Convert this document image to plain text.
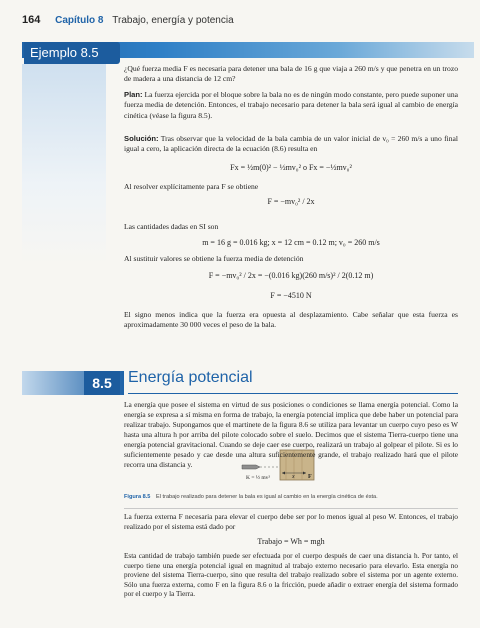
164 Capítulo 8 Trabajo, energía y potencia
Ejemplo 8.5
¿Qué fuerza media F es necesaria para detener una bala de 16 g que viaja a 260 m/s y que penetra en un trozo de madera a una distancia de 12 cm?
Plan: La fuerza ejercida por el bloque sobre la bala no es de ningún modo constante, pero puede suponer una fuerza media de detención. Entonces, el trabajo necesario para detener la bala será igual al cambio de energía cinética (véase la figura 8.5).
Solución: Tras observar que la velocidad de la bala cambia de un valor inicial de v₀ = 260 m/s a uno final igual a cero, la aplicación directa de la ecuación (8.6) resulta en
Fx = ½m(0)² − ½mv₀² o Fx = −½mv₀²
Al resolver explícitamente para F se obtiene
F = −mv₀² / 2x
Las cantidades dadas en SI son
m = 16 g = 0.016 kg; x = 12 cm = 0.12 m; v₀ = 260 m/s
Al sustituir valores se obtiene la fuerza media de detención
F = −mv₀² / 2x = −(0.016 kg)(260 m/s)² / 2(0.12 m)
F = −4510 N
El signo menos indica que la fuerza era opuesta al desplazamiento. Cabe señalar que esta fuerza es aproximadamente 30 000 veces el peso de la bala.
x
K = ½ mv²	F
Figura 8.5 El trabajo realizado para detener la bala es igual al cambio en la energía cinética de ésta.
8.5	Energía potencial
La energía que posee el sistema en virtud de sus posiciones o condiciones se llama energía potencial. Como la energía se expresa a sí misma en forma de trabajo, la energía potencial implica que debe haber un potencial para realizar trabajo. Supongamos que el martinete de la figura 8.6 se utiliza para levantar un cuerpo cuyo peso es W hasta una altura h por arriba del pilote colocado sobre el suelo. Decimos que el sistema Tierra-cuerpo tiene una energía potencial gravitacional. Cuando se deje caer ese cuerpo, realizará un trabajo al golpear el pilote. Si es lo suficientemente pesado y cae desde una altura suficientemente grande, el trabajo realizado hará que el pilote recorra una distancia y.
La fuerza externa F necesaria para elevar el cuerpo debe ser por lo menos igual al peso W. Entonces, el trabajo realizado por el sistema está dado por
Trabajo = Wh = mgh
Esta cantidad de trabajo también puede ser efectuada por el cuerpo después de caer una distancia h. Por tanto, el cuerpo tiene una energía potencial igual en magnitud al trabajo externo necesario para elevarlo. Esta energía no proviene del sistema Tierra-cuerpo, sino que resulta del trabajo realizado sobre el sistema por un agente externo. Sólo una fuerza externa, como F en la figura 8.6 o la fricción, puede añadir o extraer energía del sistema formado por el cuerpo y la Tierra.
